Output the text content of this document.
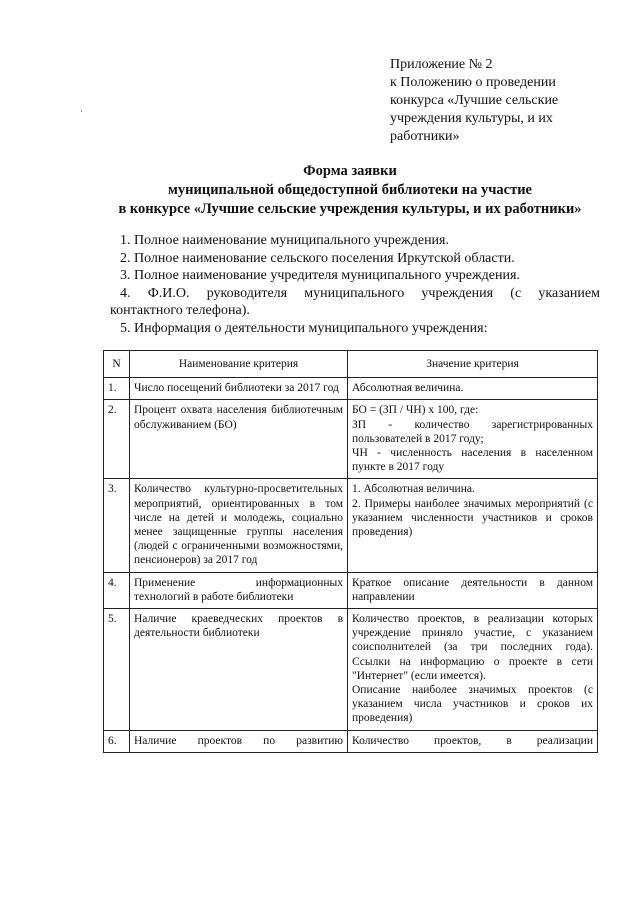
Приложение № 2
к Положению о проведении
конкурса «Лучшие сельские
учреждения культуры, и их
работники»
Форма заявки
муниципальной общедоступной библиотеки на участие
в конкурсе «Лучшие сельские учреждения культуры, и их работники»
1. Полное наименование муниципального учреждения.
2. Полное наименование сельского поселения Иркутской области.
3. Полное наименование учредителя муниципального учреждения.
4. Ф.И.О. руководителя муниципального учреждения (с указанием
контактного телефона).
5. Информация о деятельности муниципального учреждения:
N	Наименование критерия	Значение критерия
1.	Число посещений библиотеки за 2017 год	Абсолютная величина.

2.	Процент охвата населения библиотечным обслуживанием (БО)	БО = (ЗП / ЧН) x 100, где:
ЗП - количество зарегистрированных пользователей в 2017 году;
ЧН - численность населения в населенном пункте в 2017 году

3.	Количество культурно-просветительных мероприятий, ориентированных в том числе на детей и молодежь, социально менее защищенные группы населения (людей с ограниченными возможностями, пенсионеров) за 2017 год	1. Абсолютная величина.
2. Примеры наиболее значимых мероприятий (с указанием численности участников и сроков проведения)

4.	Применение информационных технологий в работе библиотеки	Краткое описание деятельности в данном направлении

5.	Наличие краеведческих проектов в деятельности библиотеки	Количество проектов, в реализации которых учреждение приняло участие, с указанием соисполнителей (за три последних года). Ссылки на информацию о проекте в сети "Интернет" (если имеется).
Описание наиболее значимых проектов (с указанием числа участников и сроков их проведения)

6.	Наличие проектов по развитию	Количество проектов, в реализации
